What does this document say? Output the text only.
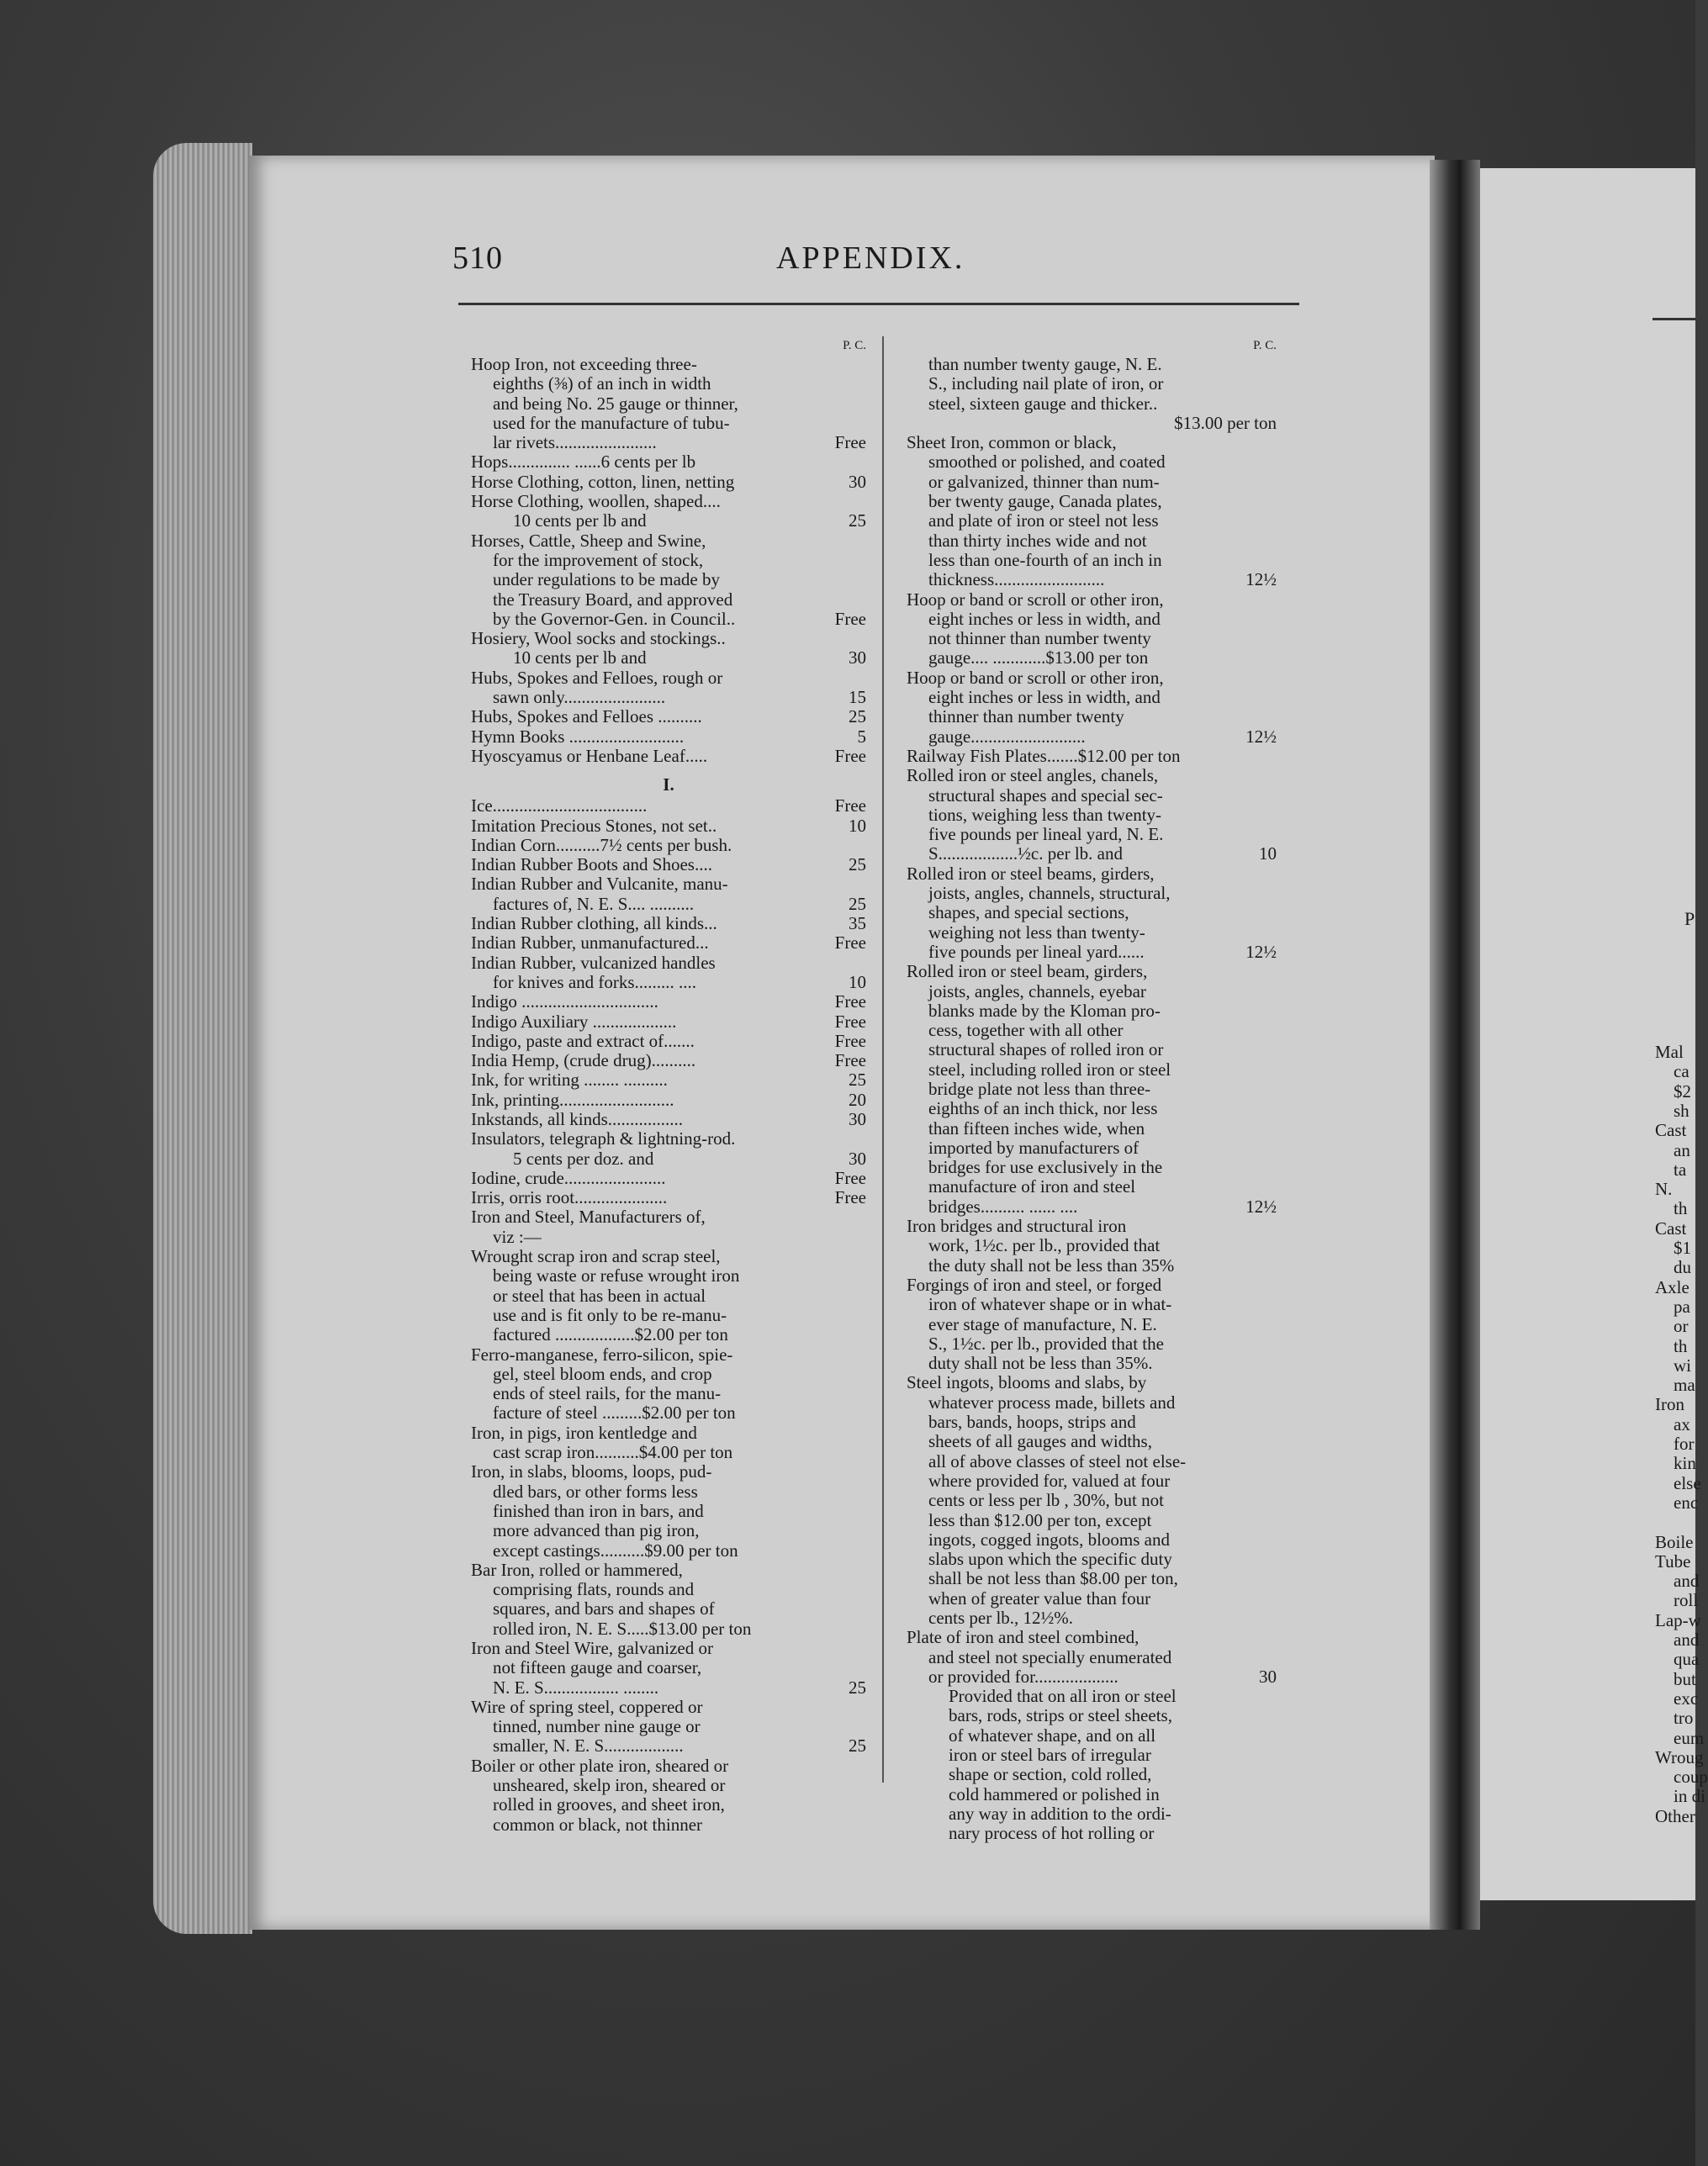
510	APPENDIX.
P. C.
Hoop Iron, not exceeding three-
eighths (⅜) of an inch in width
and being No. 25 gauge or thinner,
used for the manufacture of tubu-
lar rivets.......................	Free
Hops.............. ......6 cents per lb
Horse Clothing, cotton, linen, netting	30
Horse Clothing, woollen, shaped....
10 cents per lb and	25
Horses, Cattle, Sheep and Swine,
for the improvement of stock,
under regulations to be made by
the Treasury Board, and approved
by the Governor-Gen. in Council..	Free
Hosiery, Wool socks and stockings..
10 cents per lb and	30
Hubs, Spokes and Felloes, rough or
sawn only.......................	15
Hubs, Spokes and Felloes ..........	25
Hymn Books ..........................	5
Hyoscyamus or Henbane Leaf.....	Free
I.
Ice...................................	Free
Imitation Precious Stones, not set..	10
Indian Corn..........7½ cents per bush.
Indian Rubber Boots and Shoes....	25
Indian Rubber and Vulcanite, manu-
factures of, N. E. S.... ..........	25
Indian Rubber clothing, all kinds...	35
Indian Rubber, unmanufactured...	Free
Indian Rubber, vulcanized handles
for knives and forks......... ....	10
Indigo ...............................	Free
Indigo Auxiliary ...................	Free
Indigo, paste and extract of.......	Free
India Hemp, (crude drug)..........	Free
Ink, for writing ........ ..........	25
Ink, printing..........................	20
Inkstands, all kinds.................	30
Insulators, telegraph & lightning-rod.
5 cents per doz. and	30
Iodine, crude.......................	Free
Irris, orris root.....................	Free
Iron and Steel, Manufacturers of,
viz :—
Wrought scrap iron and scrap steel,
being waste or refuse wrought iron
or steel that has been in actual
use and is fit only to be re-manu-
factured ..................$2.00 per ton
Ferro-manganese, ferro-silicon, spie-
gel, steel bloom ends, and crop
ends of steel rails, for the manu-
facture of steel .........$2.00 per ton
Iron, in pigs, iron kentledge and
cast scrap iron..........$4.00 per ton
Iron, in slabs, blooms, loops, pud-
dled bars, or other forms less
finished than iron in bars, and
more advanced than pig iron,
except castings..........$9.00 per ton
Bar Iron, rolled or hammered,
comprising flats, rounds and
squares, and bars and shapes of
rolled iron, N. E. S.....$13.00 per ton
Iron and Steel Wire, galvanized or
not fifteen gauge and coarser,
N. E. S................. ........	25
Wire of spring steel, coppered or
tinned, number nine gauge or
smaller, N. E. S..................	25
Boiler or other plate iron, sheared or
unsheared, skelp iron, sheared or
rolled in grooves, and sheet iron,
common or black, not thinner
P. C.
than number twenty gauge, N. E.
S., including nail plate of iron, or
steel, sixteen gauge and thicker..
$13.00 per ton
Sheet Iron, common or black,
smoothed or polished, and coated
or galvanized, thinner than num-
ber twenty gauge, Canada plates,
and plate of iron or steel not less
than thirty inches wide and not
less than one-fourth of an inch in
thickness.........................	12½
Hoop or band or scroll or other iron,
eight inches or less in width, and
not thinner than number twenty
gauge.... ............$13.00 per ton
Hoop or band or scroll or other iron,
eight inches or less in width, and
thinner than number twenty
gauge..........................	12½
Railway Fish Plates.......$12.00 per ton
Rolled iron or steel angles, chanels,
structural shapes and special sec-
tions, weighing less than twenty-
five pounds per lineal yard, N. E.
S..................½c. per lb. and	10
Rolled iron or steel beams, girders,
joists, angles, channels, structural,
shapes, and special sections,
weighing not less than twenty-
five pounds per lineal yard......	12½
Rolled iron or steel beam, girders,
joists, angles, channels, eyebar
blanks made by the Kloman pro-
cess, together with all other
structural shapes of rolled iron or
steel, including rolled iron or steel
bridge plate not less than three-
eighths of an inch thick, nor less
than fifteen inches wide, when
imported by manufacturers of
bridges for use exclusively in the
manufacture of iron and steel
bridges.......... ...... ....	12½
Iron bridges and structural iron
work, 1½c. per lb., provided that
the duty shall not be less than 35%
Forgings of iron and steel, or forged
iron of whatever shape or in what-
ever stage of manufacture, N. E.
S., 1½c. per lb., provided that the
duty shall not be less than 35%.
Steel ingots, blooms and slabs, by
whatever process made, billets and
bars, bands, hoops, strips and
sheets of all gauges and widths,
all of above classes of steel not else-
where provided for, valued at four
cents or less per lb , 30%, but not
less than $12.00 per ton, except
ingots, cogged ingots, blooms and
slabs upon which the specific duty
shall be not less than $8.00 per ton,
when of greater value than four
cents per lb., 12½%.
Plate of iron and steel combined,
and steel not specially enumerated
or provided for...................	30
Provided that on all iron or steel
bars, rods, strips or steel sheets,
of whatever shape, and on all
iron or steel bars of irregular
shape or section, cold rolled,
cold hammered or polished in
any way in addition to the ordi-
nary process of hot rolling or
P
Mal
ca
$2
sh
Cast
an
ta
N.
th
Cast
$1
du
Axle
pa
or
th
wi
ma
Iron
ax
for
kin
else
enc
Boile
Tube
and
roll
Lap-w
and
qua
but
exc
tro
eum
Wroug
coup
in di
Other
